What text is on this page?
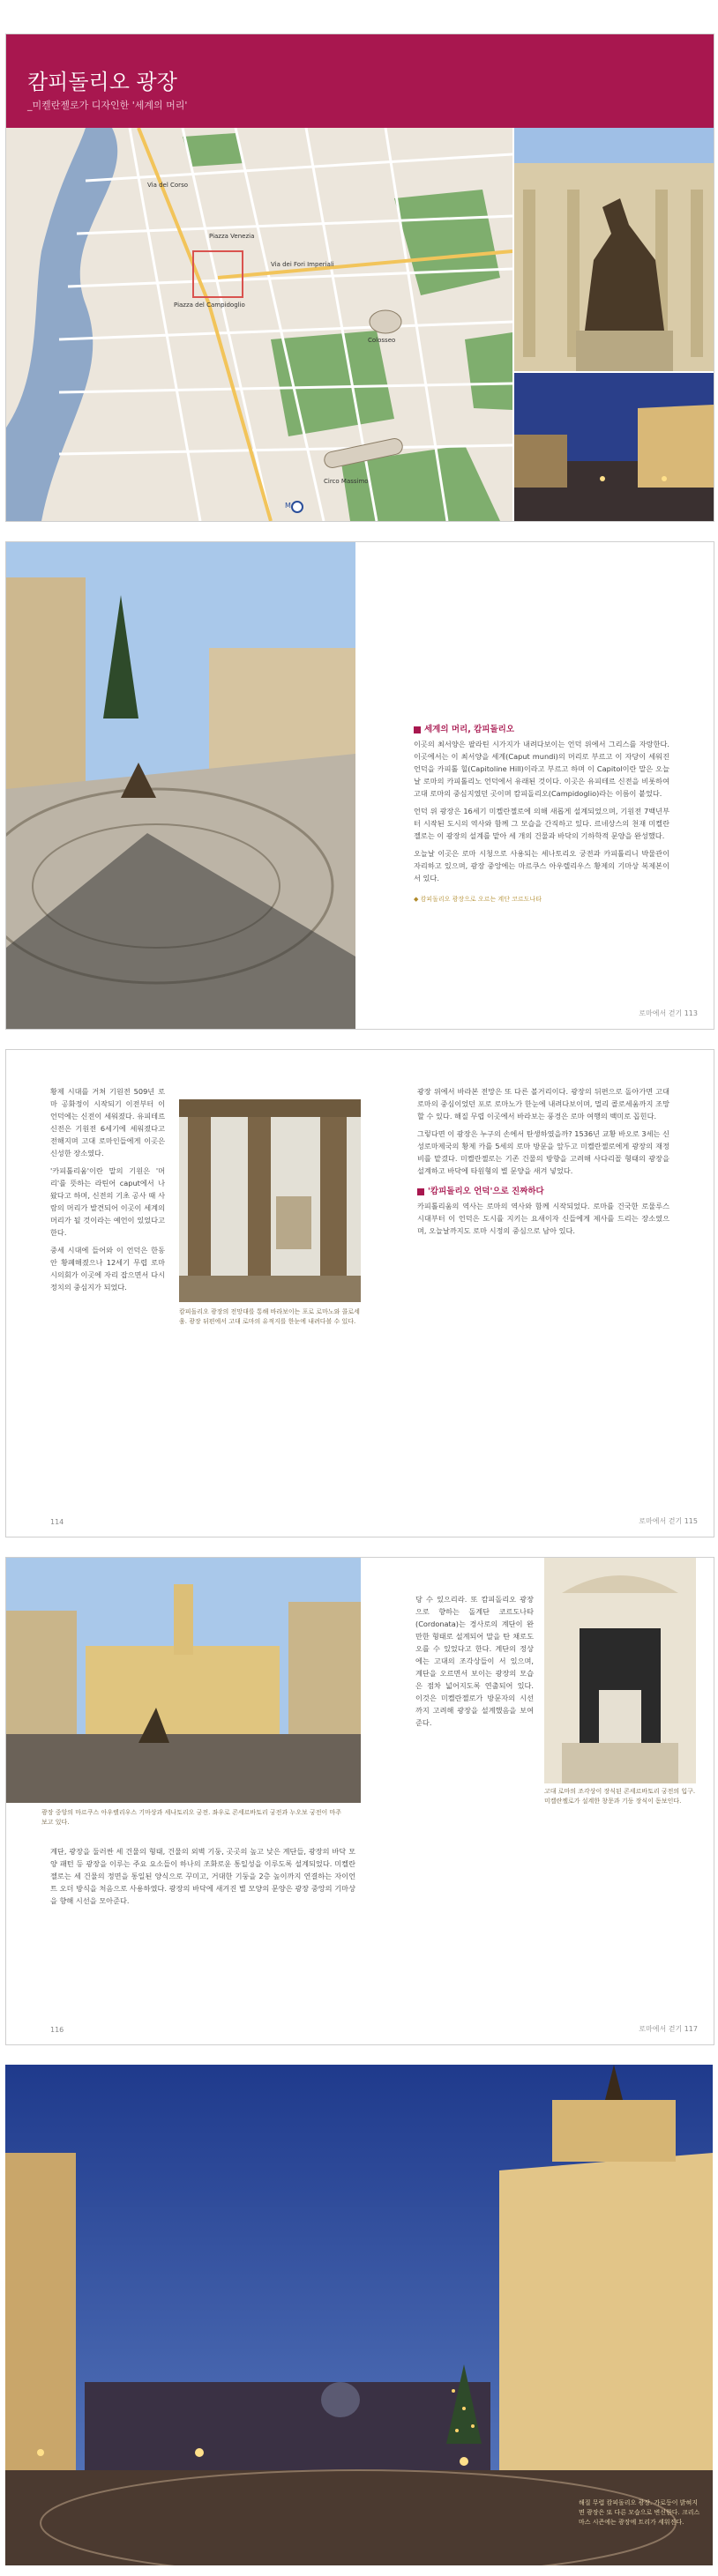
캄피돌리오 광장
_미켈란젤로가 디자인한 '세계의 머리'
M
Piazza del Campidoglio
Via dei Fori Imperiali
Colosseo
Piazza Venezia
Circo Massimo
Via del Corso
세계의 머리, 캄피돌리오

이곳의 최서양은 팔라틴 시가지가 내려다보이는 언덕 위에서 그리스를 자랑한다. 이곳에서는 이 최서양을 세계(Caput mundi)의 머리로 부르고 이 자당이 세워진 언덕을 카피톨 힐(Capitoline Hill)이라고 부르고 하며 이 Capitol이란 말은 오늘날 로마의 카피톨리노 언덕에서 유래된 것이다. 이곳은 유피테르 신전을 비롯하여 고대 로마의 중심지였던 곳이며 캄피돌리오(Campidoglio)라는 이름이 붙었다.

언덕 위 광장은 16세기 미켈란젤로에 의해 새롭게 설계되었으며, 기원전 7백년부터 시작된 도시의 역사와 함께 그 모습을 간직하고 있다. 르네상스의 천재 미켈란젤로는 이 광장의 설계를 맡아 세 개의 건물과 바닥의 기하학적 문양을 완성했다.

오늘날 이곳은 로마 시청으로 사용되는 세나토리오 궁전과 카피톨리니 박물관이 자리하고 있으며, 광장 중앙에는 마르쿠스 아우렐리우스 황제의 기마상 복제본이 서 있다.

◆ 캄피돌리오 광장으로 오르는 계단 코르도나타
로마에서 걷기 113

황제 시대를 거쳐 기원전 509년 로마 공화정이 시작되기 이전부터 이 언덕에는 신전이 세워졌다. 유피테르 신전은 기원전 6세기에 세워졌다고 전해지며 고대 로마인들에게 이곳은 신성한 장소였다.

'카피톨리움'이란 말의 기원은 '머리'를 뜻하는 라틴어 caput에서 나왔다고 하며, 신전의 기초 공사 때 사람의 머리가 발견되어 이곳이 세계의 머리가 될 것이라는 예언이 있었다고 한다.

중세 시대에 들어와 이 언덕은 한동안 황폐해졌으나 12세기 무렵 로마 시의회가 이곳에 자리 잡으면서 다시 정치의 중심지가 되었다.

캄피돌리오 광장의 전망대를 통해 바라보이는 포로 로마노와 콜로세움. 광장 뒤편에서 고대 로마의 유적지를 한눈에 내려다볼 수 있다.

광장 위에서 바라본 전망은 또 다른 볼거리이다. 광장의 뒤편으로 돌아가면 고대 로마의 중심이었던 포로 로마노가 한눈에 내려다보이며, 멀리 콜로세움까지 조망할 수 있다. 해질 무렵 이곳에서 바라보는 풍경은 로마 여행의 백미로 꼽힌다.

그렇다면 이 광장은 누구의 손에서 탄생하였을까? 1536년 교황 바오로 3세는 신성로마제국의 황제 카를 5세의 로마 방문을 앞두고 미켈란젤로에게 광장의 재정비를 맡겼다. 미켈란젤로는 기존 건물의 방향을 고려해 사다리꼴 형태의 광장을 설계하고 바닥에 타원형의 별 문양을 새겨 넣었다.

'캄피돌리오 언덕'으로 진짜하다

카피톨리움의 역사는 로마의 역사와 함께 시작되었다. 로마를 건국한 로물루스 시대부터 이 언덕은 도시를 지키는 요새이자 신들에게 제사를 드리는 장소였으며, 오늘날까지도 로마 시정의 중심으로 남아 있다.

114	로마에서 걷기 115
광장 중앙의 마르쿠스 아우렐리우스 기마상과 세나토리오 궁전. 좌우로 콘세르바토리 궁전과 누오보 궁전이 마주 보고 있다.

계단, 광장을 둘러싼 세 건물의 형태, 건물의 외벽 기둥, 곳곳의 높고 낮은 계단들, 광장의 바닥 모양 패턴 등 광장을 이루는 주요 요소들이 하나의 조화로운 통일성을 이루도록 설계되었다. 미켈란젤로는 세 건물의 정면을 통일된 양식으로 꾸미고, 거대한 기둥을 2층 높이까지 연결하는 자이언트 오더 방식을 처음으로 사용하였다. 광장의 바닥에 새겨진 별 모양의 문양은 광장 중앙의 기마상을 향해 시선을 모아준다.

당 수 있으리라. 또 캄피돌리오 광장으로 향하는 돌계단 코르도나타(Cordonata)는 경사로의 계단이 완만한 형태로 설계되어 말을 탄 채로도 오를 수 있었다고 한다. 계단의 정상에는 고대의 조각상들이 서 있으며, 계단을 오르면서 보이는 광장의 모습은 점차 넓어지도록 연출되어 있다. 이것은 미켈란젤로가 방문자의 시선까지 고려해 광장을 설계했음을 보여준다.

고대 로마의 조각상이 장식된 콘세르바토리 궁전의 입구. 미켈란젤로가 설계한 창문과 기둥 장식이 돋보인다.
116	로마에서 걷기 117
해질 무렵 캄피돌리오 광장. 가로등이 밝혀지면 광장은 또 다른 모습으로 변신한다. 크리스마스 시즌에는 광장에 트리가 세워진다.
